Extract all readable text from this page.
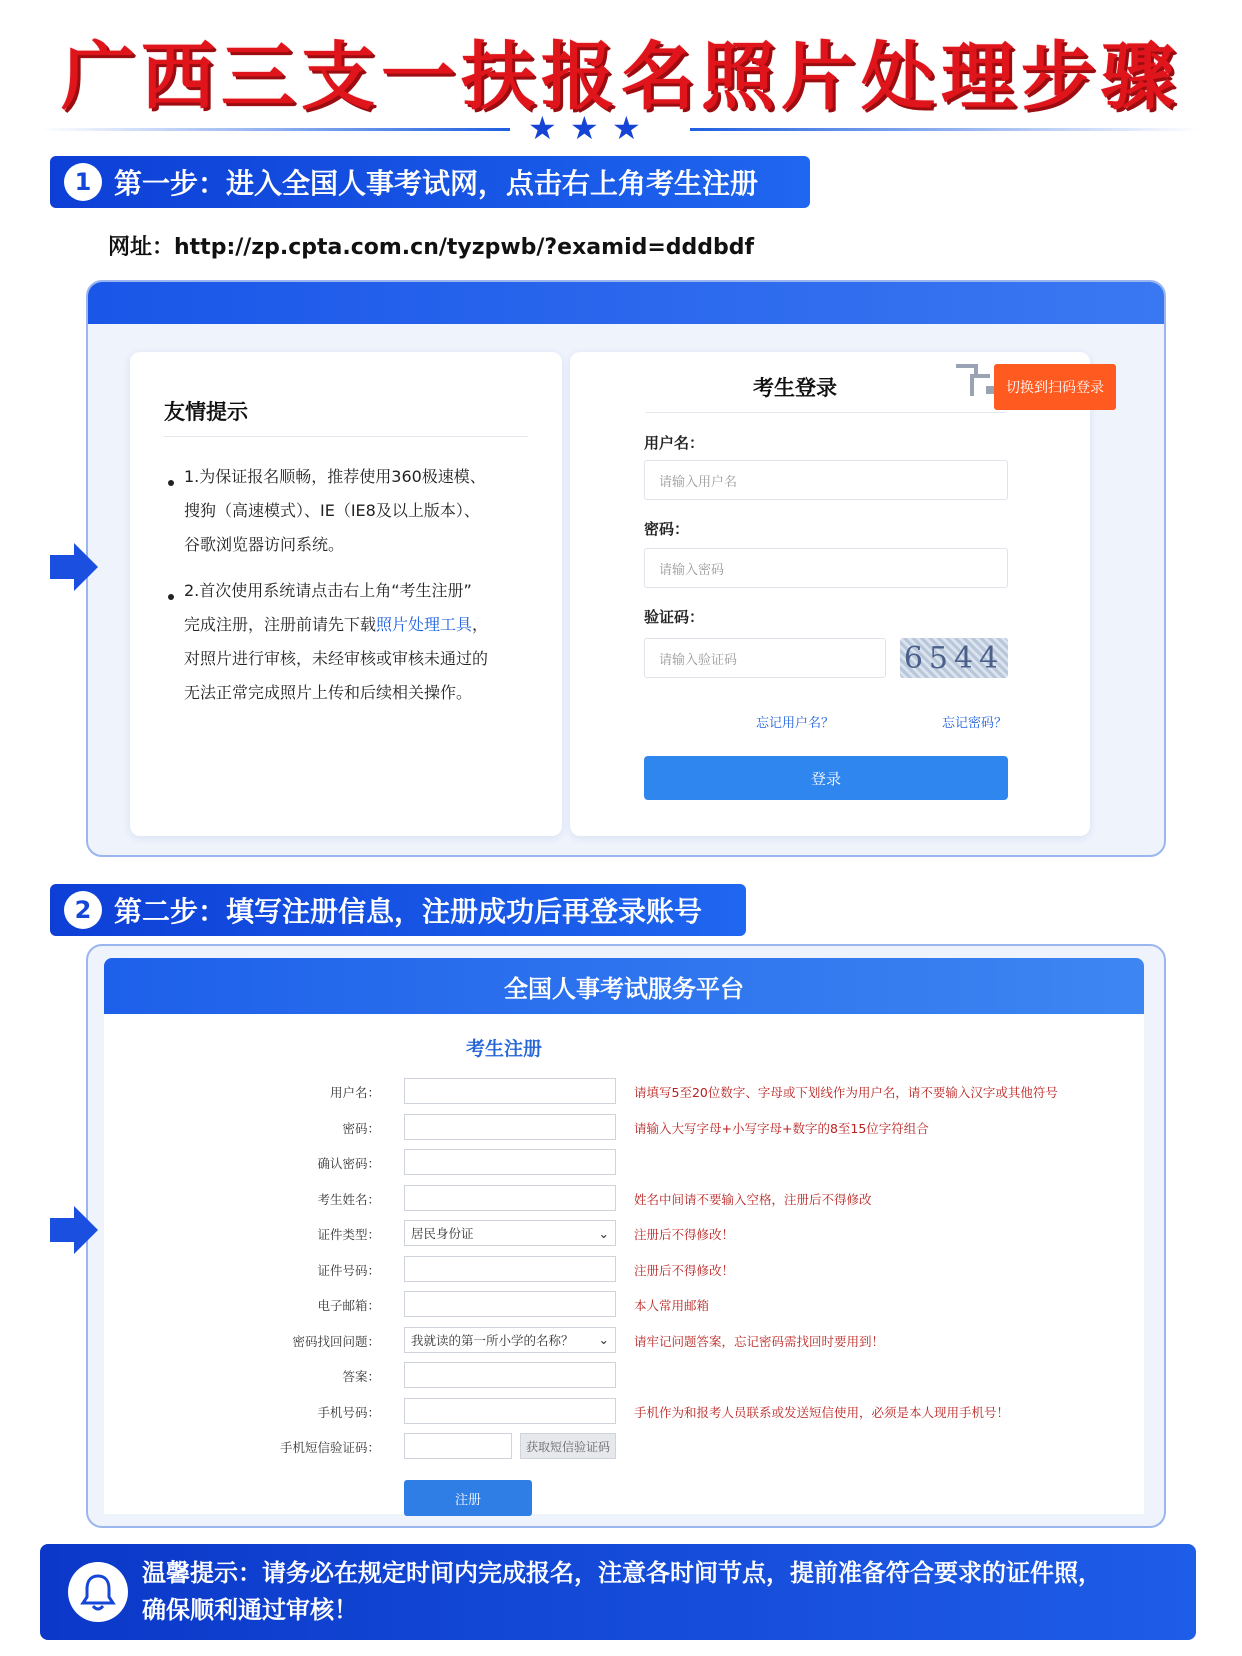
广西三支一扶报名照片处理步骤
★ ★ ★
1 第一步：进入全国人事考试网，点击右上角考生注册
网址：http://zp.cpta.com.cn/tyzpwb/?examid=dddbdf
友情提示
1.为保证报名顺畅，推荐使用360极速模、
搜狗（高速模式）、IE（IE8及以上版本）、
谷歌浏览器访问系统。
2.首次使用系统请点击右上角“考生注册”
完成注册，注册前请先下载照片处理工具，
对照片进行审核，未经审核或审核未通过的
无法正常完成照片上传和后续相关操作。
考生登录	切换到扫码登录
用户名：
请输入用户名
密码：
请输入密码
验证码：
请输入验证码	6544
忘记用户名？	忘记密码？
登录
2 第二步：填写注册信息，注册成功后再登录账号
全国人事考试服务平台
考生注册
用户名：	请填写5至20位数字、字母或下划线作为用户名，请不要输入汉字或其他符号
密码：	请输入大写字母+小写字母+数字的8至15位字符组合
确认密码：
考生姓名：	姓名中间请不要输入空格，注册后不得修改
证件类型： 居民身份证	⌄ 注册后不得修改！
证件号码：	注册后不得修改！
电子邮箱：	本人常用邮箱
密码找回问题： 我就读的第一所小学的名称？ ⌄ 请牢记问题答案，忘记密码需找回时要用到！
答案：
手机号码：	手机作为和报考人员联系或发送短信使用，必须是本人现用手机号！
手机短信验证码：	获取短信验证码
注册
温馨提示：请务必在规定时间内完成报名，注意各时间节点，提前准备符合要求的证件照，
确保顺利通过审核！
